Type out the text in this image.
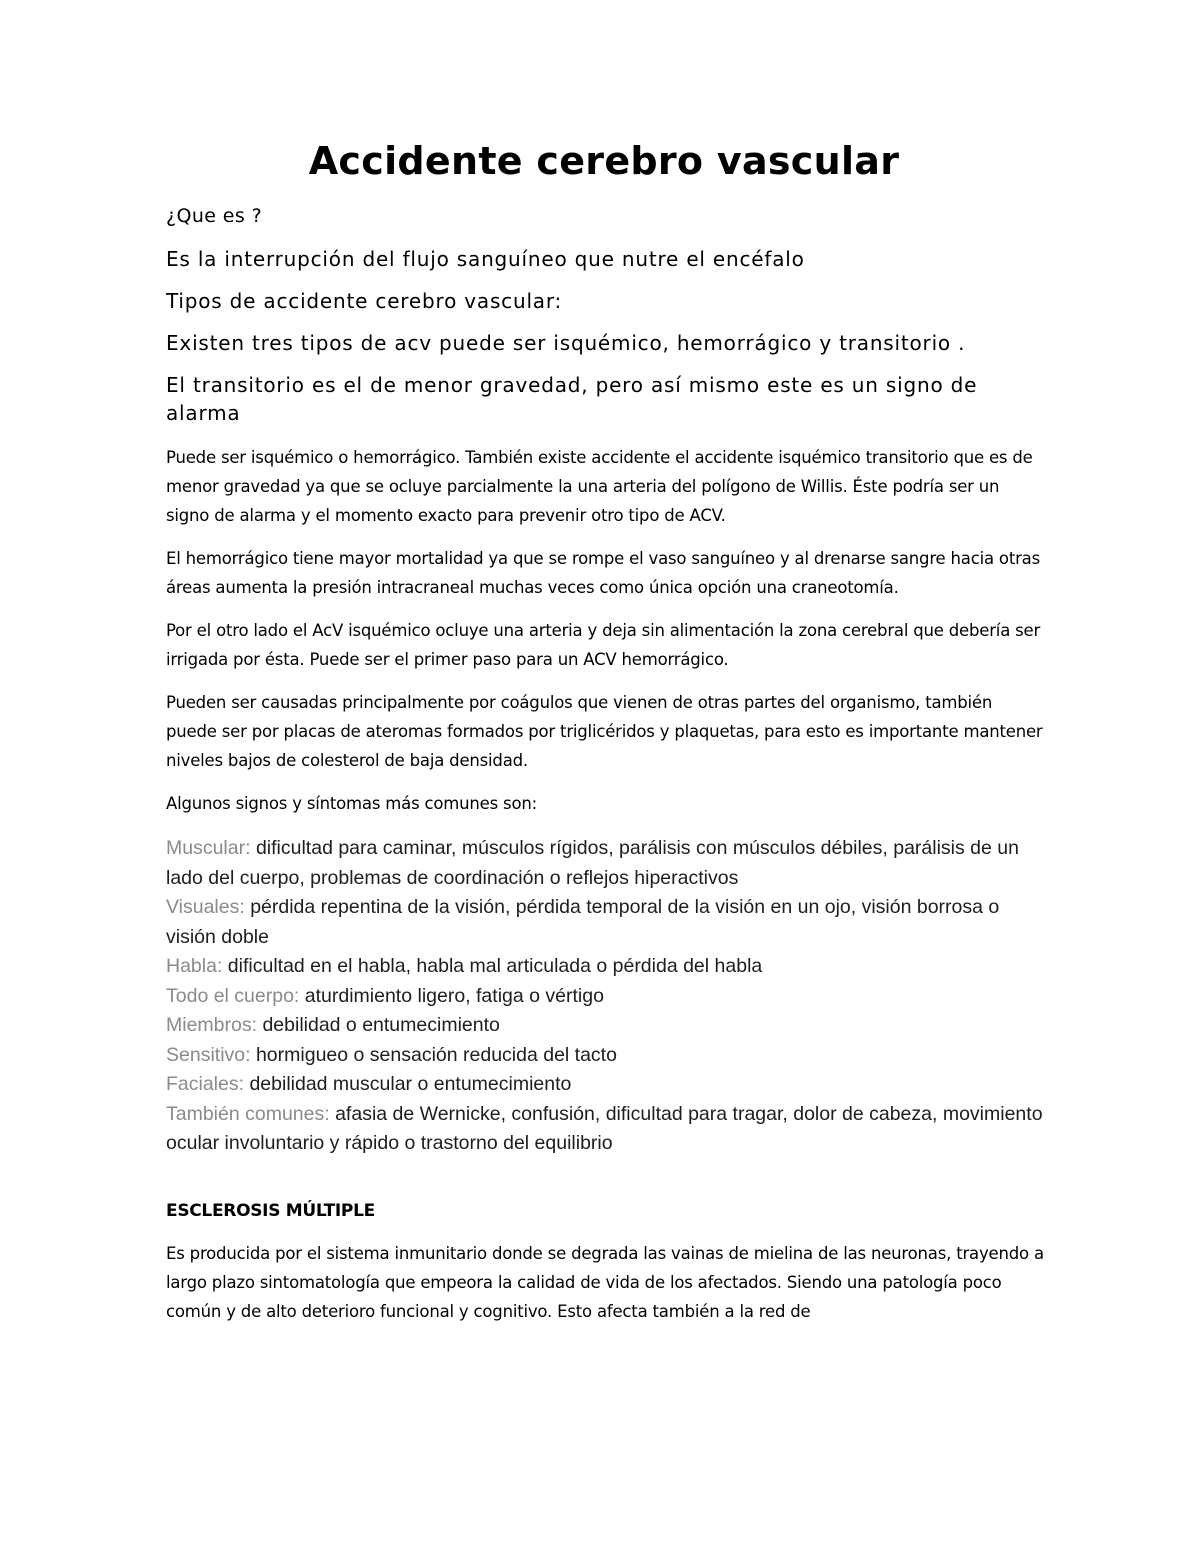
Accidente cerebro vascular

¿Que es ?

Es la interrupción del flujo sanguíneo que nutre el encéfalo

Tipos de accidente cerebro vascular:

Existen tres tipos de acv puede ser isquémico, hemorrágico y transitorio .

El transitorio es el de menor gravedad, pero así mismo este es un signo de alarma

Puede ser isquémico o hemorrágico. También existe accidente el accidente isquémico transitorio que es de menor gravedad ya que se ocluye parcialmente la una arteria del polígono de Willis. Éste podría ser un signo de alarma y el momento exacto para prevenir otro tipo de ACV.

El hemorrágico tiene mayor mortalidad ya que se rompe el vaso sanguíneo y al drenarse sangre hacia otras áreas aumenta la presión intracraneal muchas veces como única opción una craneotomía.

Por el otro lado el AcV isquémico ocluye una arteria y deja sin alimentación la zona cerebral que debería ser irrigada por ésta. Puede ser el primer paso para un ACV hemorrágico.

Pueden ser causadas principalmente por coágulos que vienen de otras partes del organismo, también puede ser por placas de ateromas formados por triglicéridos y plaquetas, para esto es importante mantener niveles bajos de colesterol de baja densidad.

Algunos signos y síntomas más comunes son:

Muscular: dificultad para caminar, músculos rígidos, parálisis con músculos débiles, parálisis de un lado del cuerpo, problemas de coordinación o reflejos hiperactivos

Visuales: pérdida repentina de la visión, pérdida temporal de la visión en un ojo, visión borrosa o visión doble

Habla: dificultad en el habla, habla mal articulada o pérdida del habla

Todo el cuerpo: aturdimiento ligero, fatiga o vértigo

Miembros: debilidad o entumecimiento

Sensitivo: hormigueo o sensación reducida del tacto

Faciales: debilidad muscular o entumecimiento

También comunes: afasia de Wernicke, confusión, dificultad para tragar, dolor de cabeza, movimiento ocular involuntario y rápido o trastorno del equilibrio

ESCLEROSIS MÚLTIPLE

Es producida por el sistema inmunitario donde se degrada las vainas de mielina de las neuronas, trayendo a largo plazo sintomatología que empeora la calidad de vida de los afectados. Siendo una patología poco común y de alto deterioro funcional y cognitivo. Esto afecta también a la red de
